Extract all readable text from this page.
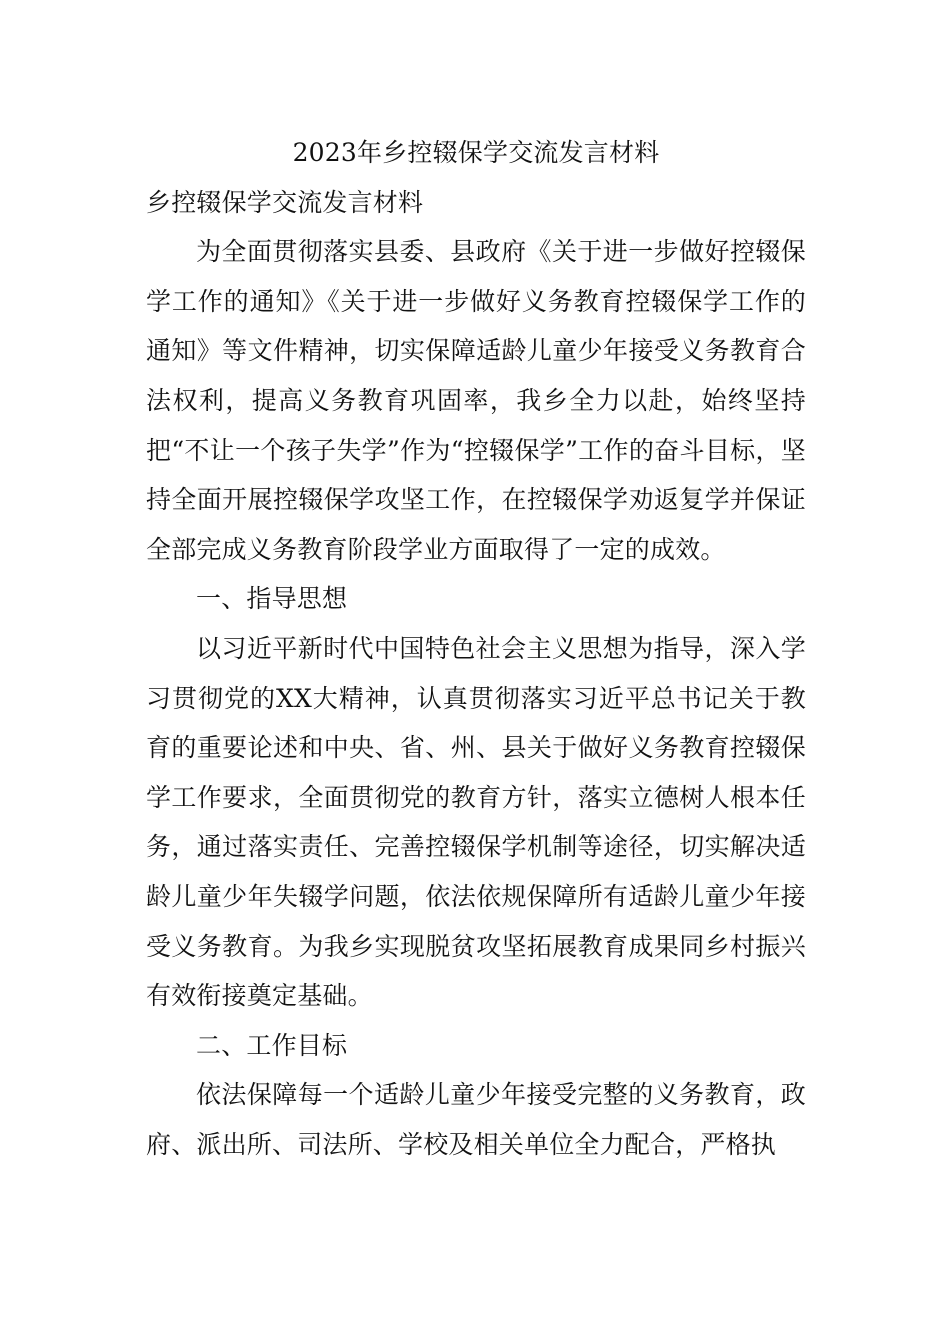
2023年乡控辍保学交流发言材料

乡控辍保学交流发言材料

为全面贯彻落实县委、县政府《关于进一步做好控辍保学工作的通知》《关于进一步做好义务教育控辍保学工作的通知》等文件精神，切实保障适龄儿童少年接受义务教育合法权利，提高义务教育巩固率，我乡全力以赴，始终坚持把“不让一个孩子失学”作为“控辍保学”工作的奋斗目标，坚持全面开展控辍保学攻坚工作，在控辍保学劝返复学并保证全部完成义务教育阶段学业方面取得了一定的成效。

一、指导思想

以习近平新时代中国特色社会主义思想为指导，深入学习贯彻党的XX大精神，认真贯彻落实习近平总书记关于教育的重要论述和中央、省、州、县关于做好义务教育控辍保学工作要求，全面贯彻党的教育方针，落实立德树人根本任务，通过落实责任、完善控辍保学机制等途径，切实解决适龄儿童少年失辍学问题，依法依规保障所有适龄儿童少年接受义务教育。为我乡实现脱贫攻坚拓展教育成果同乡村振兴有效衔接奠定基础。

二、工作目标

依法保障每一个适龄儿童少年接受完整的义务教育，政府、派出所、司法所、学校及相关单位全力配合，严格执
